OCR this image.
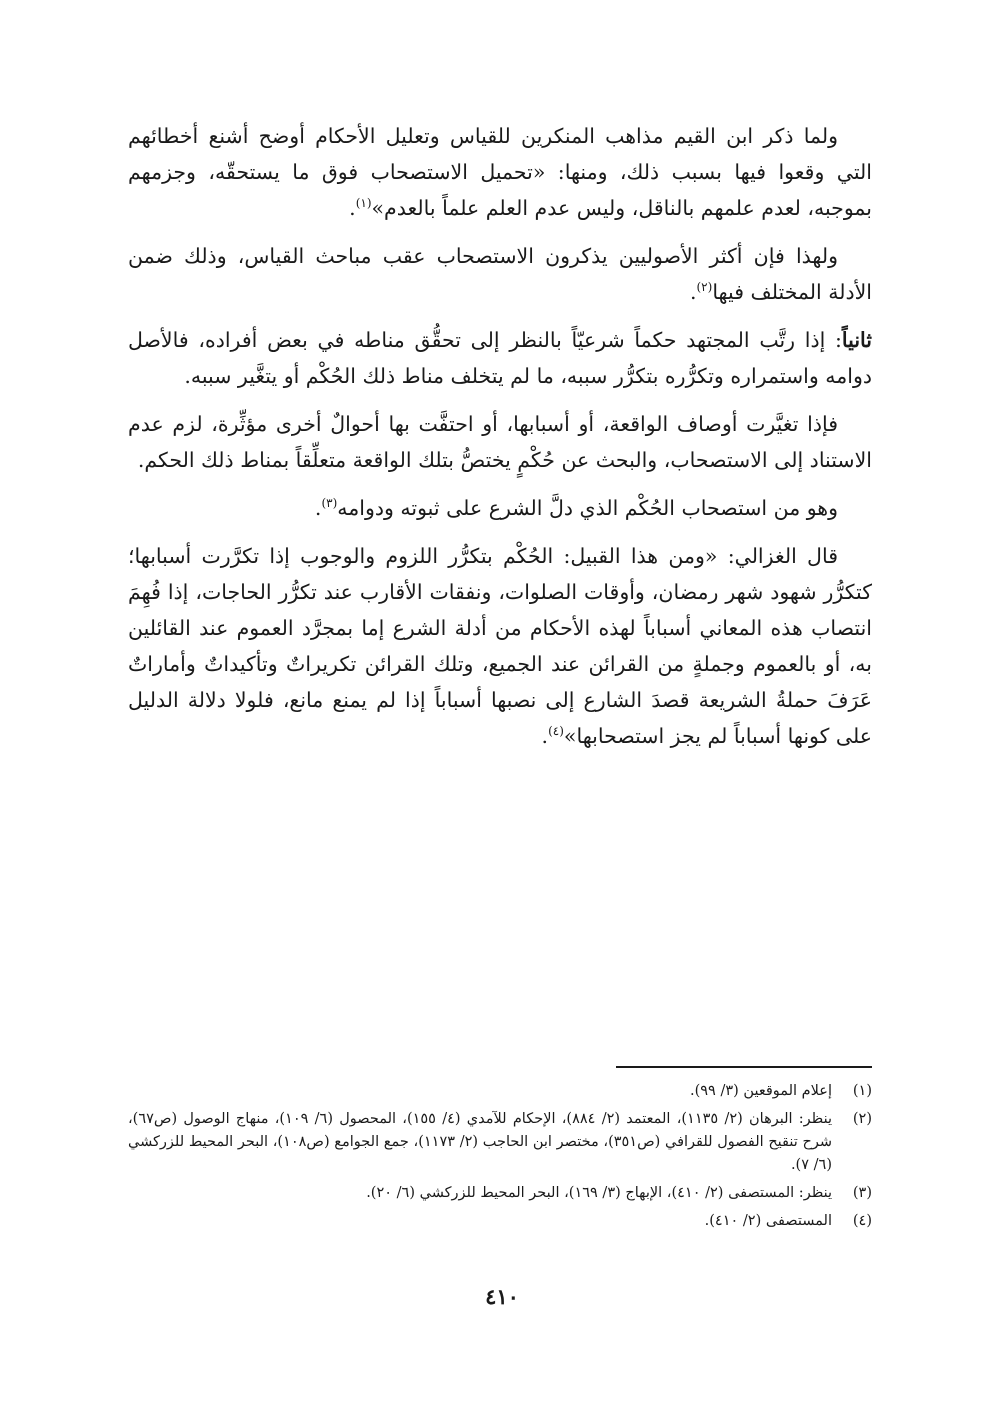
ولما ذكر ابن القيم مذاهب المنكرين للقياس وتعليل الأحكام أوضح أشنع أخطائهم التي وقعوا فيها بسبب ذلك، ومنها: «تحميل الاستصحاب فوق ما يستحقّه، وجزمهم بموجبه، لعدم علمهم بالناقل، وليس عدم العلم علماً بالعدم»$^{(١)}$.

ولهذا فإن أكثر الأصوليين يذكرون الاستصحاب عقب مباحث القياس، وذلك ضمن الأدلة المختلف فيها$^{(٢)}$.

ثانياً: إذا رتَّب المجتهد حكماً شرعيّاً بالنظر إلى تحقُّق مناطه في بعض أفراده، فالأصل دوامه واستمراره وتكرُّره بتكرُّر سببه، ما لم يتخلف مناط ذلك الحُكْم أو يتغَّير سببه.

فإذا تغيَّرت أوصاف الواقعة، أو أسبابها، أو احتفَّت بها أحوالٌ أخرى مؤثِّرة، لزم عدم الاستناد إلى الاستصحاب، والبحث عن حُكْمٍ يختصُّ بتلك الواقعة متعلِّقاً بمناط ذلك الحكم.

وهو من استصحاب الحُكْم الذي دلَّ الشرع على ثبوته ودوامه$^{(٣)}$.

قال الغزالي: «ومن هذا القبيل: الحُكْم بتكرُّر اللزوم والوجوب إذا تكرَّرت أسبابها؛ كتكرُّر شهود شهر رمضان، وأوقات الصلوات، ونفقات الأقارب عند تكرُّر الحاجات، إذا فُهِمَ انتصاب هذه المعاني أسباباً لهذه الأحكام من أدلة الشرع إما بمجرَّد العموم عند القائلين به، أو بالعموم وجملةٍ من القرائن عند الجميع، وتلك القرائن تكريراتٌ وتأكيداتٌ وأماراتٌ عَرَفَ حملةُ الشريعة قصدَ الشارع إلى نصبها أسباباً إذا لم يمنع مانع، فلولا دلالة الدليل على كونها أسباباً لم يجز استصحابها»$^{(٤)}$.

(١)
إعلام الموقعين (٣/ ٩٩).
(٢)
ينظر: البرهان (٢/ ١١٣٥)، المعتمد (٢/ ٨٨٤)، الإحكام للآمدي (٤/ ١٥٥)، المحصول (٦/ ١٠٩)، منهاج الوصول (ص٦٧)، شرح تنقيح الفصول للقرافي (ص٣٥١)، مختصر ابن الحاجب (٢/ ١١٧٣)، جمع الجوامع (ص١٠٨)، البحر المحيط للزركشي (٦/ ٧).
(٣)
ينظر: المستصفى (٢/ ٤١٠)، الإبهاج (٣/ ١٦٩)، البحر المحيط للزركشي (٦/ ٢٠).
(٤)
المستصفى (٢/ ٤١٠).
٤١٠
